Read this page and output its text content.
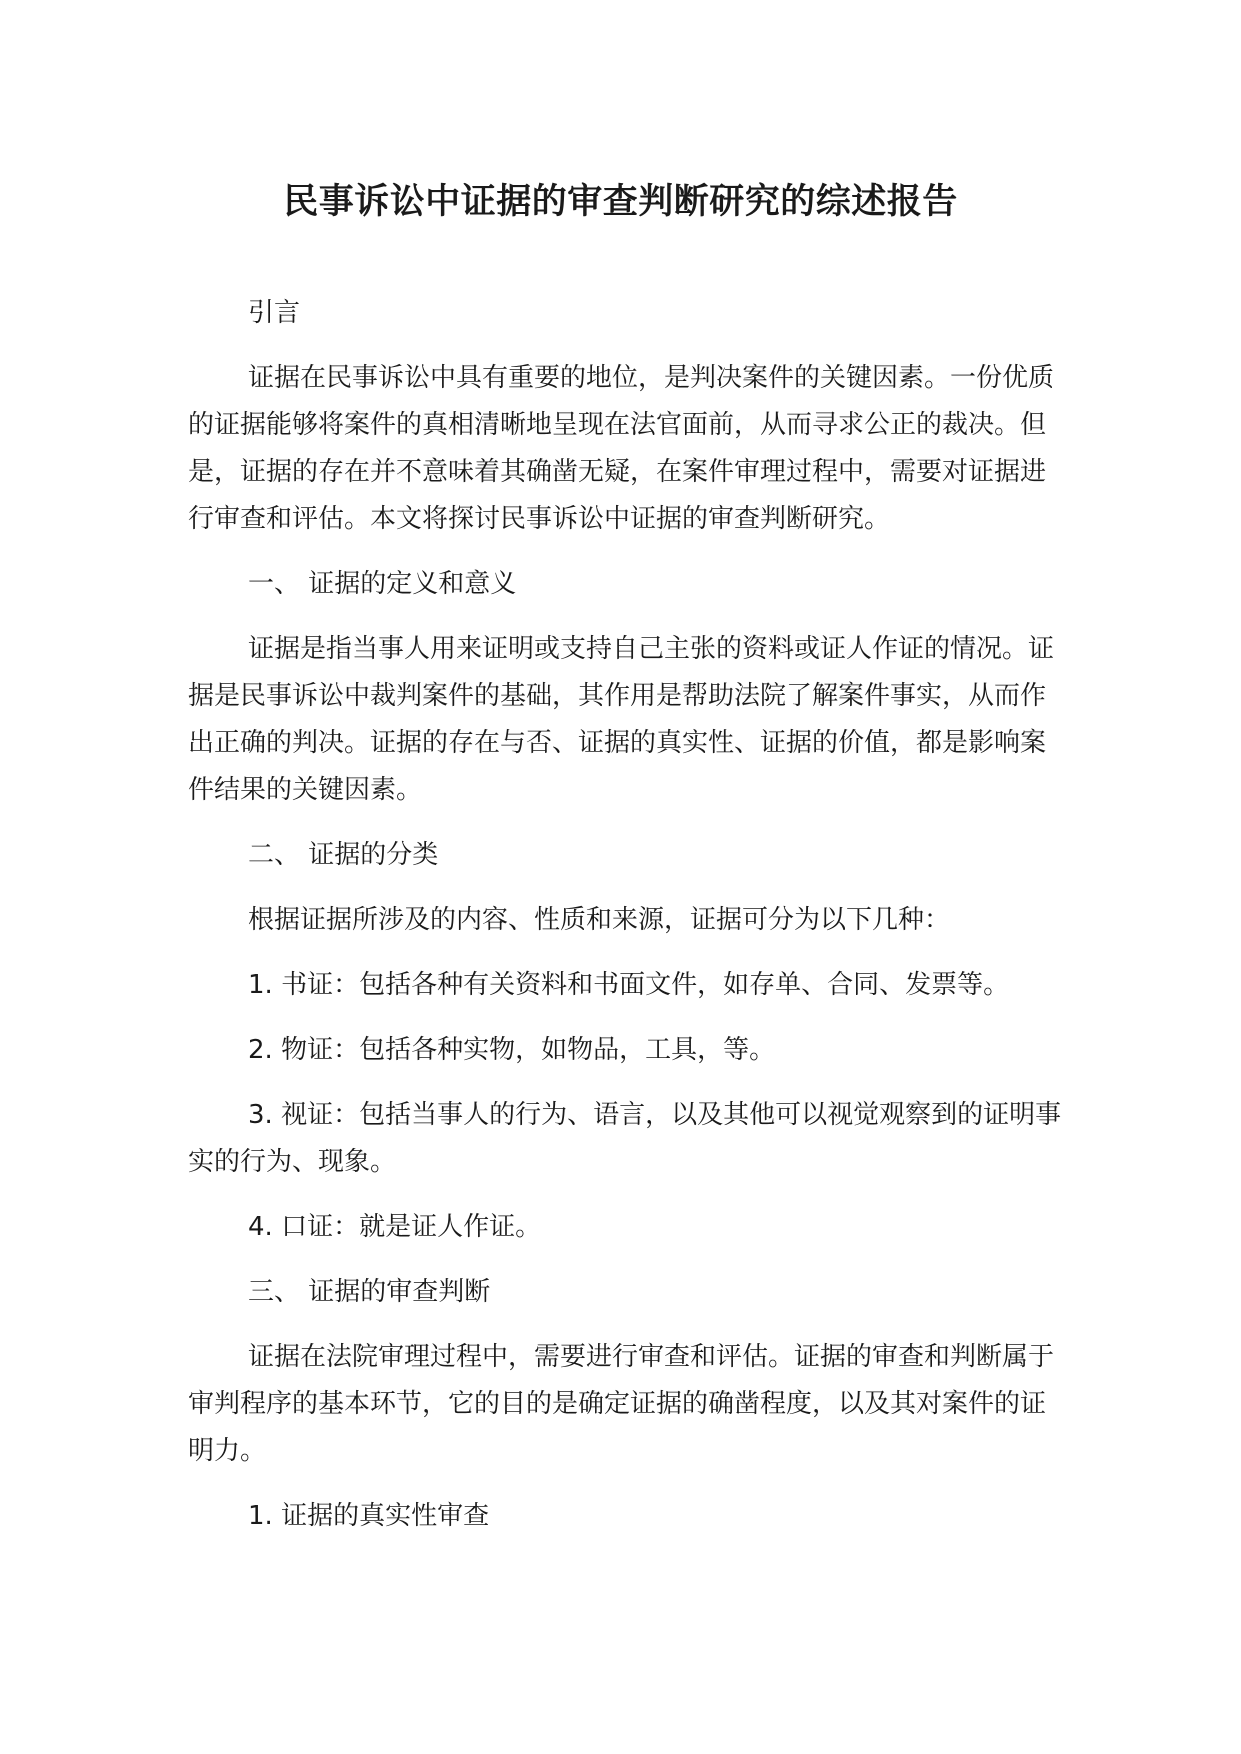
民事诉讼中证据的审查判断研究的综述报告

引言

证据在民事诉讼中具有重要的地位，是判决案件的关键因素。一份优质的证据能够将案件的真相清晰地呈现在法官面前，从而寻求公正的裁决。但是，证据的存在并不意味着其确凿无疑，在案件审理过程中，需要对证据进行审查和评估。本文将探讨民事诉讼中证据的审查判断研究。

一、 证据的定义和意义

证据是指当事人用来证明或支持自己主张的资料或证人作证的情况。证据是民事诉讼中裁判案件的基础，其作用是帮助法院了解案件事实，从而作出正确的判决。证据的存在与否、证据的真实性、证据的价值，都是影响案件结果的关键因素。

二、 证据的分类

根据证据所涉及的内容、性质和来源，证据可分为以下几种：

1. 书证：包括各种有关资料和书面文件，如存单、合同、发票等。

2. 物证：包括各种实物，如物品，工具，等。

3. 视证：包括当事人的行为、语言，以及其他可以视觉观察到的证明事实的行为、现象。

4. 口证：就是证人作证。

三、 证据的审查判断

证据在法院审理过程中，需要进行审查和评估。证据的审查和判断属于审判程序的基本环节，它的目的是确定证据的确凿程度，以及其对案件的证明力。

1. 证据的真实性审查
